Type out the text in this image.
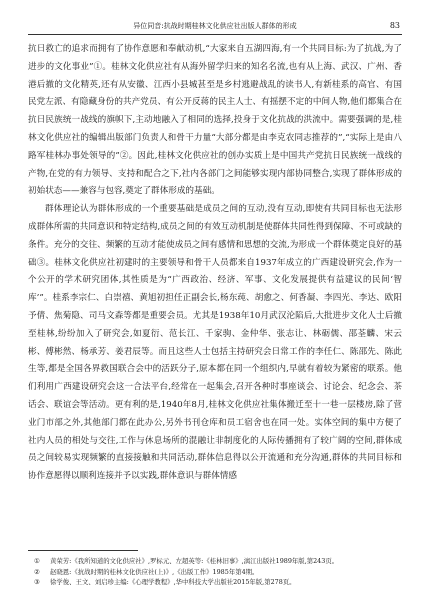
异位同音:抗战时期桂林文化供应社出版人群体的形成	83

抗日救亡的追求而拥有了协作意愿和奉献动机,“大家来自五湖四海,有一个共同目标:为了抗战,为了进步的文化事业”①。桂林文化供应社有从海外留学归来的知名名流,也有从上海、武汉、广州、香港后撤的文化精英,还有从安徽、江西小县城甚至是乡村逃避战乱的读书人,有新桂系的高官、有国民党左派、有隐藏身份的共产党员、有公开反蒋的民主人士、有摇摆不定的中间人物,他们都集合在抗日民族统一战线的旗帜下,主动地融入了相同的选择,投身于文化抗战的洪流中。需要强调的是,桂林文化供应社的编辑出版部门负责人和骨干力量“大部分都是由李克农同志推荐的”,“实际上是由八路军桂林办事处领导的”②。因此,桂林文化供应社的创办实质上是中国共产党抗日民族统一战线的产物,在党的有力领导、支持和配合之下,社内各部门之间能够实现内部协同整合,实现了群体形成的初始状态——兼容与包容,奠定了群体形成的基础。

群体理论认为群体形成的一个重要基础是成员之间的互动,没有互动,即使有共同目标也无法形成群体所需的共同意识和特定结构,成员之间的有效互动机制是使群体共同性得到保障、不可或缺的条件。充分的交往、频繁的互动才能使成员之间有感情和思想的交流,为形成一个群体奠定良好的基础③。桂林文化供应社初建时的主要领导和骨干人员都来自1937年成立的广西建设研究会,作为一个公开的学术研究团体,其性质是为“广西政治、经济、军事、文化发展提供有益建议的民间‘智库’”。桂系李宗仁、白崇禧、黄旭初担任正副会长,杨东莼、胡愈之、何香凝、李四光、李达、欧阳予倩、焦菊隐、司马文森等都是重要会员。尤其是1938年10月武汉沦陷后,大批进步文化人士后撤至桂林,纷纷加入了研究会,如夏衍、范长江、千家驹、金仲华、张志让、林砺儒、邵荃麟、宋云彬、傅彬然、杨承芳、姜君辰等。而且这些人士包括主持研究会日常工作的李任仁、陈邵先、陈此生等,都是全国各界救国联合会中的活跃分子,原本都在同一个组织内,早就有着较为紧密的联系。他们利用广西建设研究会这一合法平台,经常在一起集会,召开各种时事座谈会、讨论会、纪念会、茶话会、联谊会等活动。更有利的是,1940年8月,桂林文化供应社集体搬迁至十一巷一层楼房,除了营业门市部之外,其他部门都在此办公,另外书刊仓库和员工宿舍也在同一处。实体空间的集中方便了社内人员的相处与交往,工作与休息场所的混融让非制度化的人际传播拥有了较广阔的空间,群体成员之间较易实现频繁的直接接触和共同活动,群体信息得以公开流通和充分沟通,群体的共同目标和协作意愿得以顺利连接并予以实践,群体意识与群体情感

① 黄荣芳:《我所知道的文化供应社》,罗标元、左超英等:《桂林旧事》,漓江出版社1989年版,第243页。

② 赵晓恩:《抗战时期的桂林文化供应社(上)》,《出版工作》1985年第4期。

③ 徐学俊、王文、刘启珍主编:《心理学教程》,华中科技大学出版社2015年版,第278页。
